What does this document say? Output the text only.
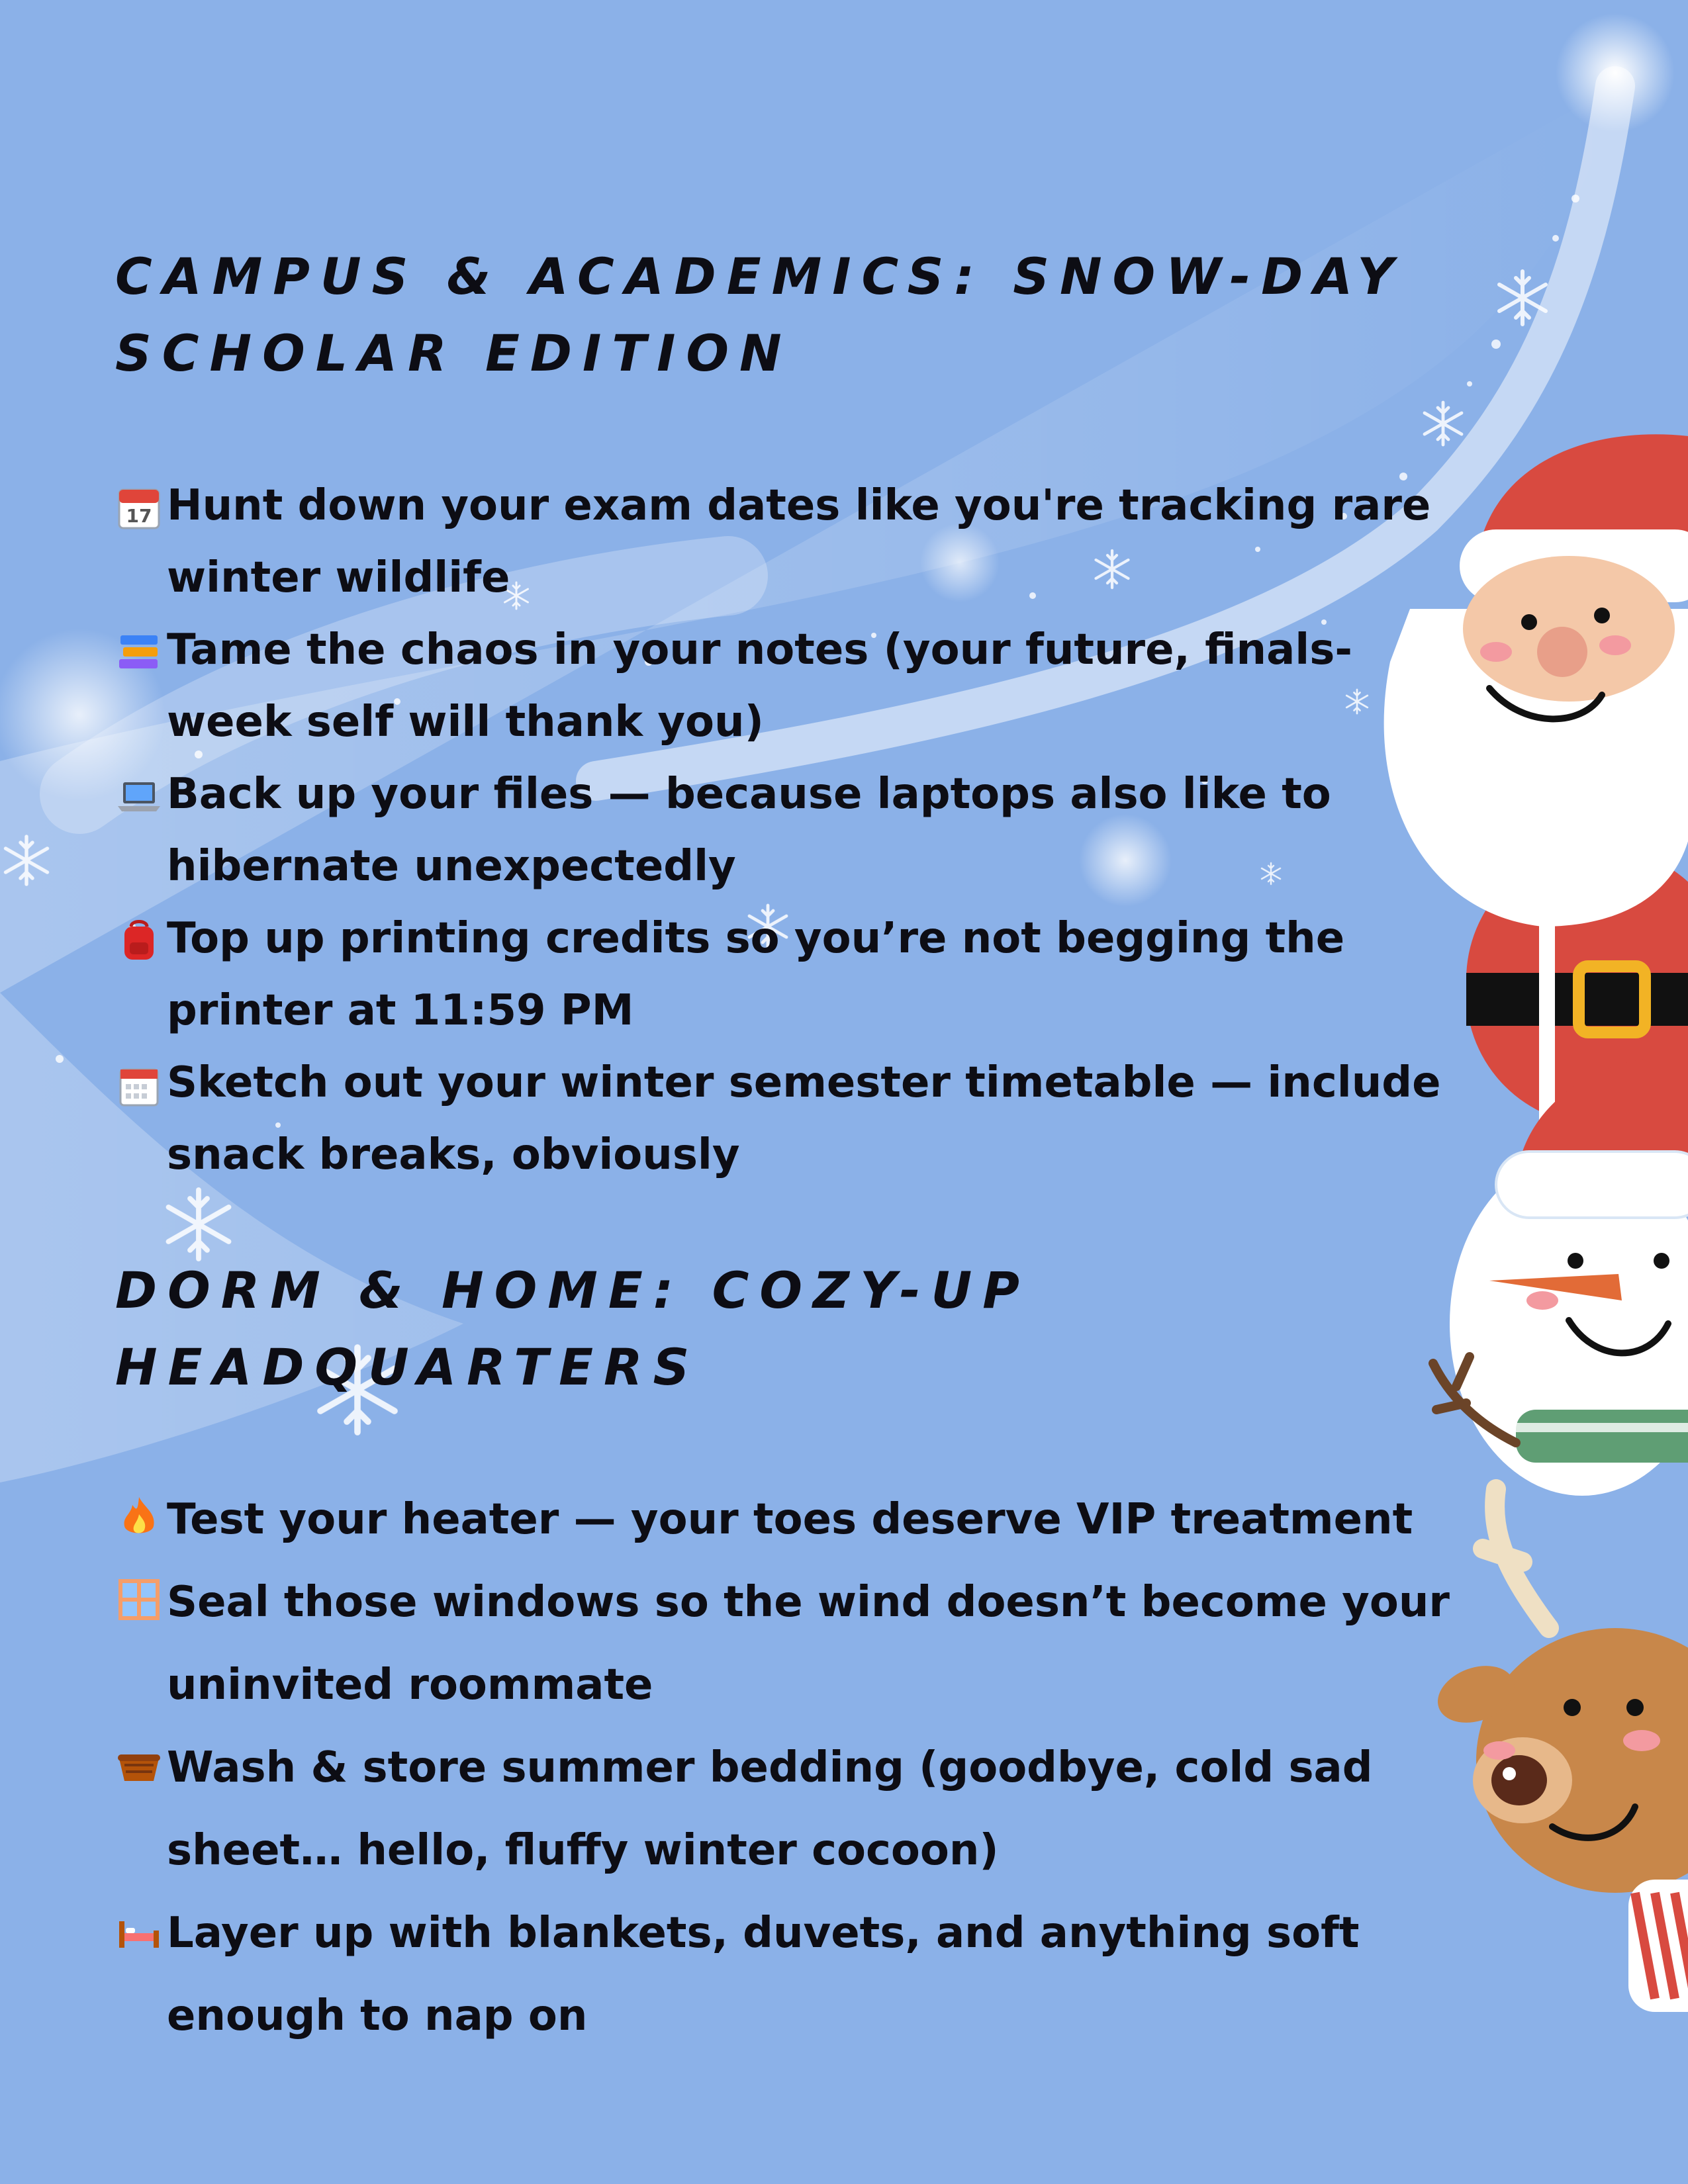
CAMPUS & ACADEMICS: SNOW-DAY SCHOLAR EDITION
17 Hunt down your exam dates like you're tracking rare winter wildlife
Tame the chaos in your notes (your future, finals-week self will thank you)
Back up your files — because laptops also like to hibernate unexpectedly
Top up printing credits so you’re not begging the printer at 11:59 PM
Sketch out your winter semester timetable — include snack breaks, obviously
DORM & HOME: COZY-UP HEADQUARTERS
Test your heater — your toes deserve VIP treatment
Seal those windows so the wind doesn’t become your uninvited roommate
Wash & store summer bedding (goodbye, cold sad sheet… hello, fluffy winter cocoon)
Layer up with blankets, duvets, and anything soft enough to nap on
